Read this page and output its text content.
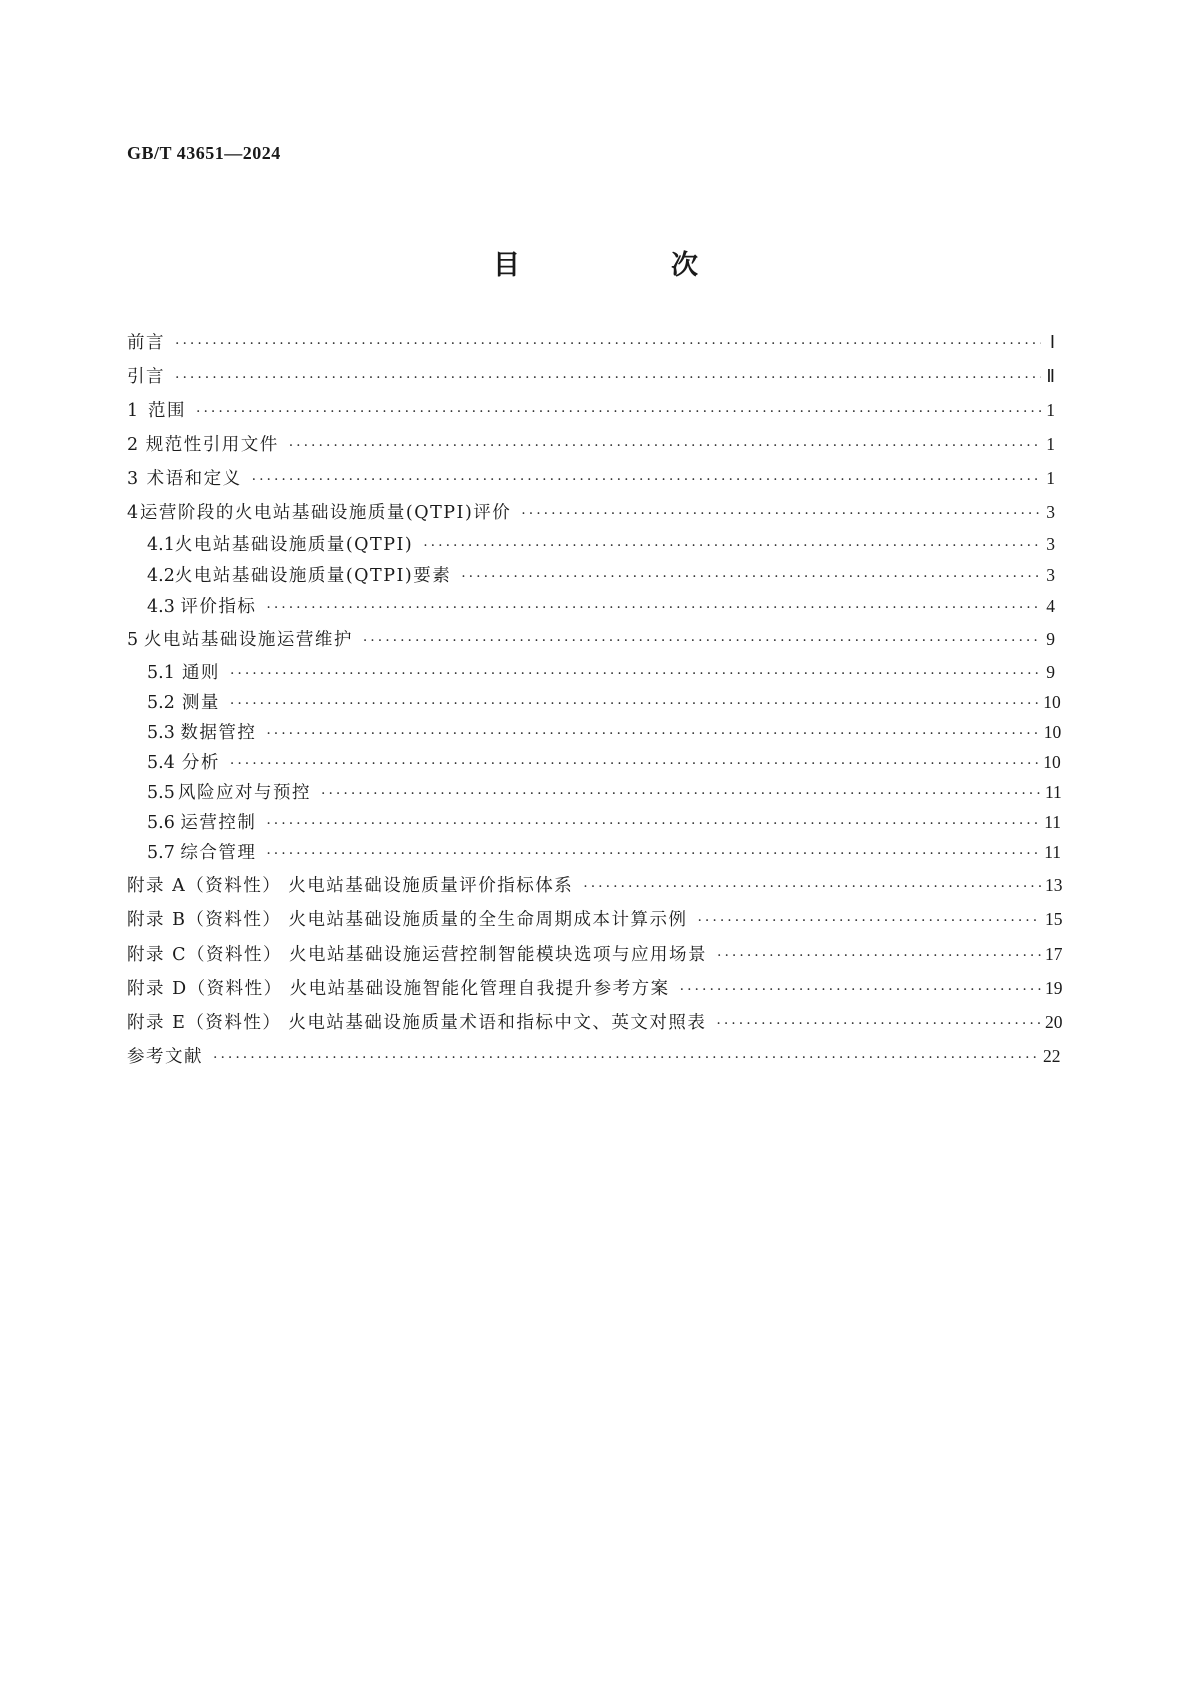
GB/T 43651—2024
目　次
前言 ·····	Ⅰ
引言 ·····	Ⅱ
1 范围 ·····	1
2 规范性引用文件 ·····	1
3 术语和定义 ·····	1
4 运营阶段的火电站基础设施质量(QTPI)评价 ·····	3
4.1 火电站基础设施质量(QTPI) ·····	3
4.2 火电站基础设施质量(QTPI)要素 ·····	3
4.3 评价指标 ·····	4
5 火电站基础设施运营维护 ·····	9
5.1 通则 ·····	9
5.2 测量 ·····	10
5.3 数据管控 ·····	10
5.4 分析 ·····	10
5.5 风险应对与预控 ·····	11
5.6 运营控制 ·····	11
5.7 综合管理 ·····	11
附录 A（资料性） 火电站基础设施质量评价指标体系 ·····	13
附录 B（资料性） 火电站基础设施质量的全生命周期成本计算示例 ·····	15
附录 C（资料性） 火电站基础设施运营控制智能模块选项与应用场景 ·····	17
附录 D（资料性） 火电站基础设施智能化管理自我提升参考方案 ·····	19
附录 E（资料性） 火电站基础设施质量术语和指标中文、英文对照表 ·····	20
参考文献 ·····	22
